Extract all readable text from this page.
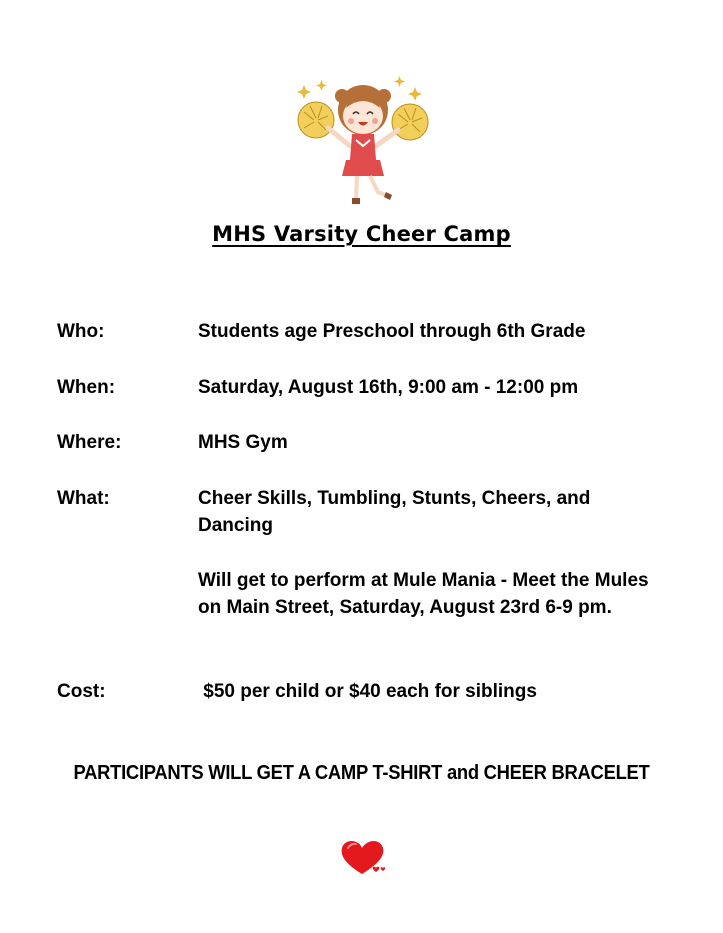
MHS Varsity Cheer Camp
Who:	Students age Preschool through 6th Grade
When:	Saturday, August 16th, 9:00 am - 12:00 pm
Where:	MHS Gym
What:	Cheer Skills, Tumbling, Stunts, Cheers, and Dancing
Will get to perform at Mule Mania - Meet the Mules on Main Street, Saturday, August 23rd 6-9 pm.
Cost:	$50 per child or $40 each for siblings
PARTICIPANTS WILL GET A CAMP T-SHIRT and CHEER BRACELET
